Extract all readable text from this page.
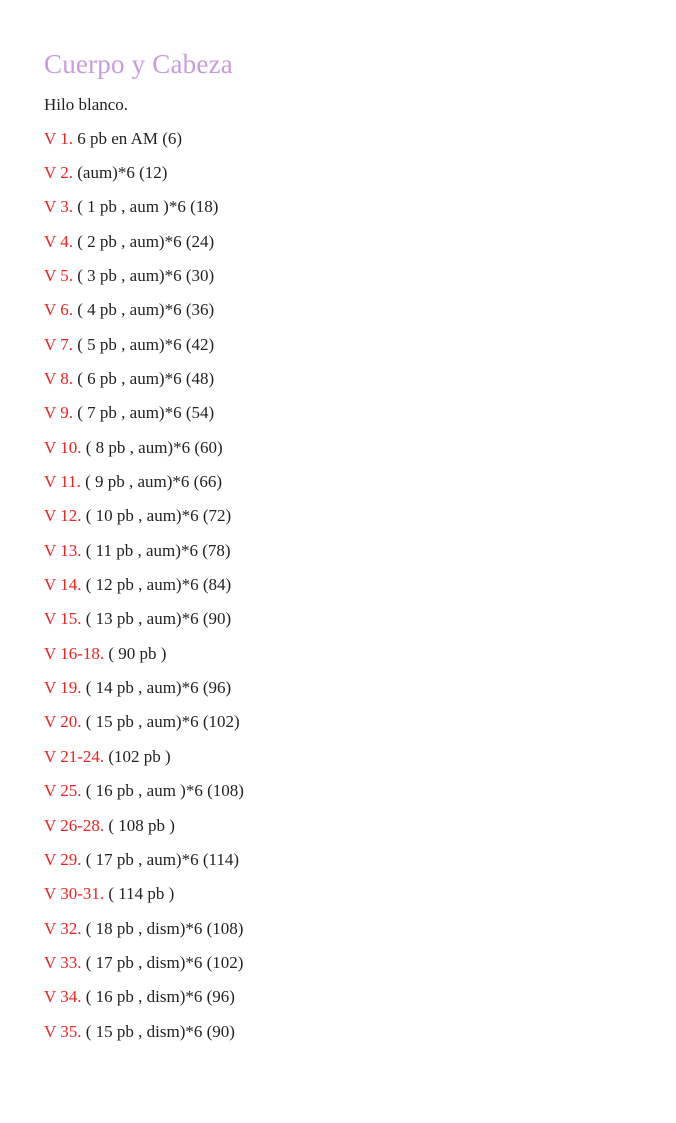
Cuerpo y Cabeza

Hilo blanco.

V 1. 6 pb en AM (6)
V 2. (aum)*6 (12)
V 3. ( 1 pb , aum )*6 (18)
V 4. ( 2 pb , aum)*6 (24)
V 5. ( 3 pb , aum)*6 (30)
V 6. ( 4 pb , aum)*6 (36)
V 7. ( 5 pb , aum)*6 (42)
V 8. ( 6 pb , aum)*6 (48)
V 9. ( 7 pb , aum)*6 (54)
V 10. ( 8 pb , aum)*6 (60)
V 11. ( 9 pb , aum)*6 (66)
V 12. ( 10 pb , aum)*6 (72)
V 13. ( 11 pb , aum)*6 (78)
V 14. ( 12 pb , aum)*6 (84)
V 15. ( 13 pb , aum)*6 (90)
V 16-18. ( 90 pb )
V 19. ( 14 pb , aum)*6 (96)
V 20. ( 15 pb , aum)*6 (102)
V 21-24. (102 pb )
V 25. ( 16 pb , aum )*6 (108)
V 26-28. ( 108 pb )
V 29. ( 17 pb , aum)*6 (114)
V 30-31. ( 114 pb )
V 32. ( 18 pb , dism)*6 (108)
V 33. ( 17 pb , dism)*6 (102)
V 34. ( 16 pb , dism)*6 (96)
V 35. ( 15 pb , dism)*6 (90)
